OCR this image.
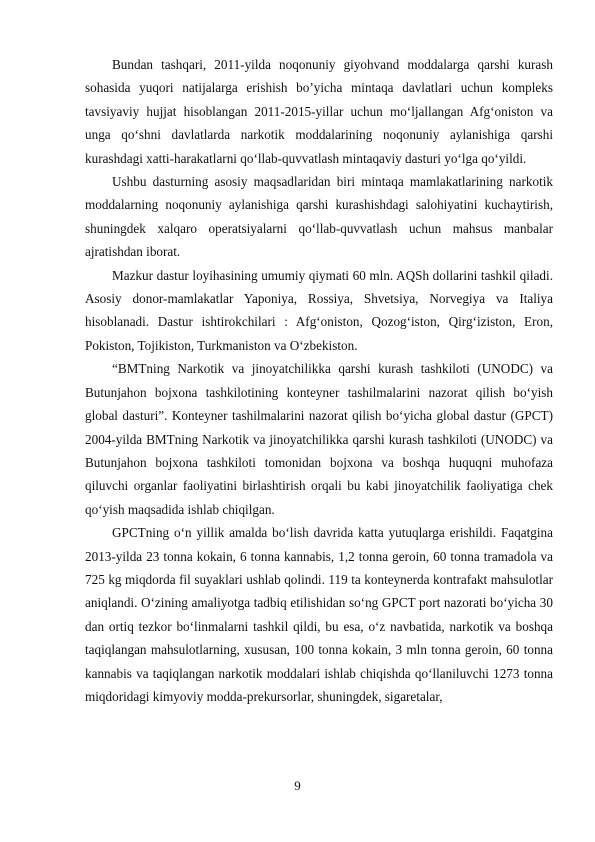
Bundan tashqari, 2011-yilda noqonuniy giyohvand moddalarga qarshi kurash sohasida yuqori natijalarga erishish bo’yicha mintaqa davlatlari uchun kompleks tavsiyaviy hujjat hisoblangan 2011-2015-yillar uchun mo‘ljallangan Afg‘oniston va unga qo‘shni davlatlarda narkotik moddalarining noqonuniy aylanishiga qarshi kurashdagi xatti-harakatlarni qo‘llab-quvvatlash mintaqaviy dasturi yo‘lga qo‘yildi.

Ushbu dasturning asosiy maqsadlaridan biri mintaqa mamlakatlarining narkotik moddalarning noqonuniy aylanishiga qarshi kurashishdagi salohiyatini kuchaytirish, shuningdek xalqaro operatsiyalarni qo‘llab-quvvatlash uchun mahsus manbalar ajratishdan iborat.

Mazkur dastur loyihasining umumiy qiymati 60 mln. AQSh dollarini tashkil qiladi. Asosiy donor-mamlakatlar Yaponiya, Rossiya, Shvetsiya, Norvegiya va Italiya hisoblanadi. Dastur ishtirokchilari : Afg‘oniston, Qozog‘iston, Qirg‘iziston, Eron, Pokiston, Tojikiston, Turkmaniston va O‘zbekiston.

“BMTning Narkotik va jinoyatchilikka qarshi kurash tashkiloti (UNODC) va Butunjahon bojxona tashkilotining konteyner tashilmalarini nazorat qilish bo‘yish global dasturi”. Konteyner tashilmalarini nazorat qilish bo‘yicha global dastur (GPCT) 2004-yilda BMTning Narkotik va jinoyatchilikka qarshi kurash tashkiloti (UNODC) va Butunjahon bojxona tashkiloti tomonidan bojxona va boshqa huquqni muhofaza qiluvchi organlar faoliyatini birlashtirish orqali bu kabi jinoyatchilik faoliyatiga chek qo‘yish maqsadida ishlab chiqilgan.

GPCTning o‘n yillik amalda bo‘lish davrida katta yutuqlarga erishildi. Faqatgina 2013-yilda 23 tonna kokain, 6 tonna kannabis, 1,2 tonna geroin, 60 tonna tramadola va 725 kg miqdorda fil suyaklari ushlab qolindi. 119 ta konteynerda kontrafakt mahsulotlar aniqlandi. O‘zining amaliyotga tadbiq etilishidan so‘ng GPCT port nazorati bo‘yicha 30 dan ortiq tezkor bo‘linmalarni tashkil qildi, bu esa, o‘z navbatida, narkotik va boshqa taqiqlangan mahsulotlarning, xususan, 100 tonna kokain, 3 mln tonna geroin, 60 tonna kannabis va taqiqlangan narkotik moddalari ishlab chiqishda qo‘llaniluvchi 1273 tonna miqdoridagi kimyoviy modda-prekursorlar, shuningdek, sigaretalar,

9
